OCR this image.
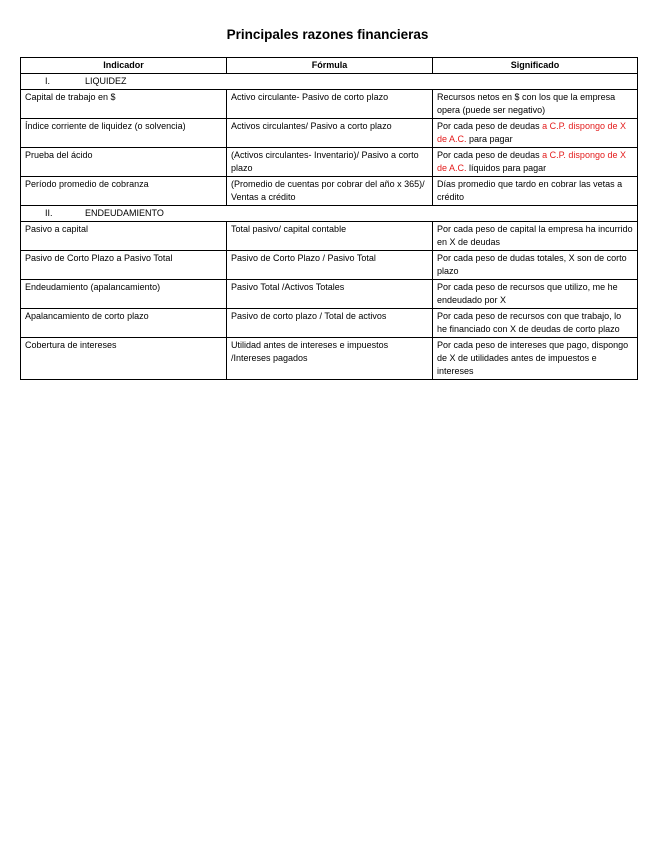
Principales razones financieras
Indicador	Fórmula	Significado
I. LIQUIDEZ		
Capital de trabajo en $	Activo circulante- Pasivo de corto plazo	Recursos netos en $ con los que la empresa opera (puede ser negativo)
Índice corriente de liquidez (o solvencia)	Activos circulantes/ Pasivo a corto plazo	Por cada peso de deudas a C.P. dispongo de X de A.C. para pagar
Prueba del ácido	(Activos circulantes- Inventario)/ Pasivo a corto plazo	Por cada peso de deudas a C.P. dispongo de X de A.C. líquidos para pagar
Período promedio de cobranza	(Promedio de cuentas por cobrar del año x 365)/ Ventas a crédito	Días promedio que tardo en cobrar las vetas a crédito
II. ENDEUDAMIENTO		
Pasivo a capital	Total pasivo/ capital contable	Por cada peso de capital la empresa ha incurrido en X de deudas
Pasivo de Corto Plazo a Pasivo Total	Pasivo de Corto Plazo / Pasivo Total	Por cada peso de dudas totales, X son de corto plazo
Endeudamiento (apalancamiento)	Pasivo Total /Activos Totales	Por cada peso de recursos que utilizo, me he endeudado por X
Apalancamiento de corto plazo	Pasivo de corto plazo / Total de activos	Por cada peso de recursos con que trabajo, lo he financiado con X de deudas de corto plazo
Cobertura de intereses	Utilidad antes de intereses e impuestos /Intereses pagados	Por cada peso de intereses que pago, dispongo de X de utilidades antes de impuestos e intereses
